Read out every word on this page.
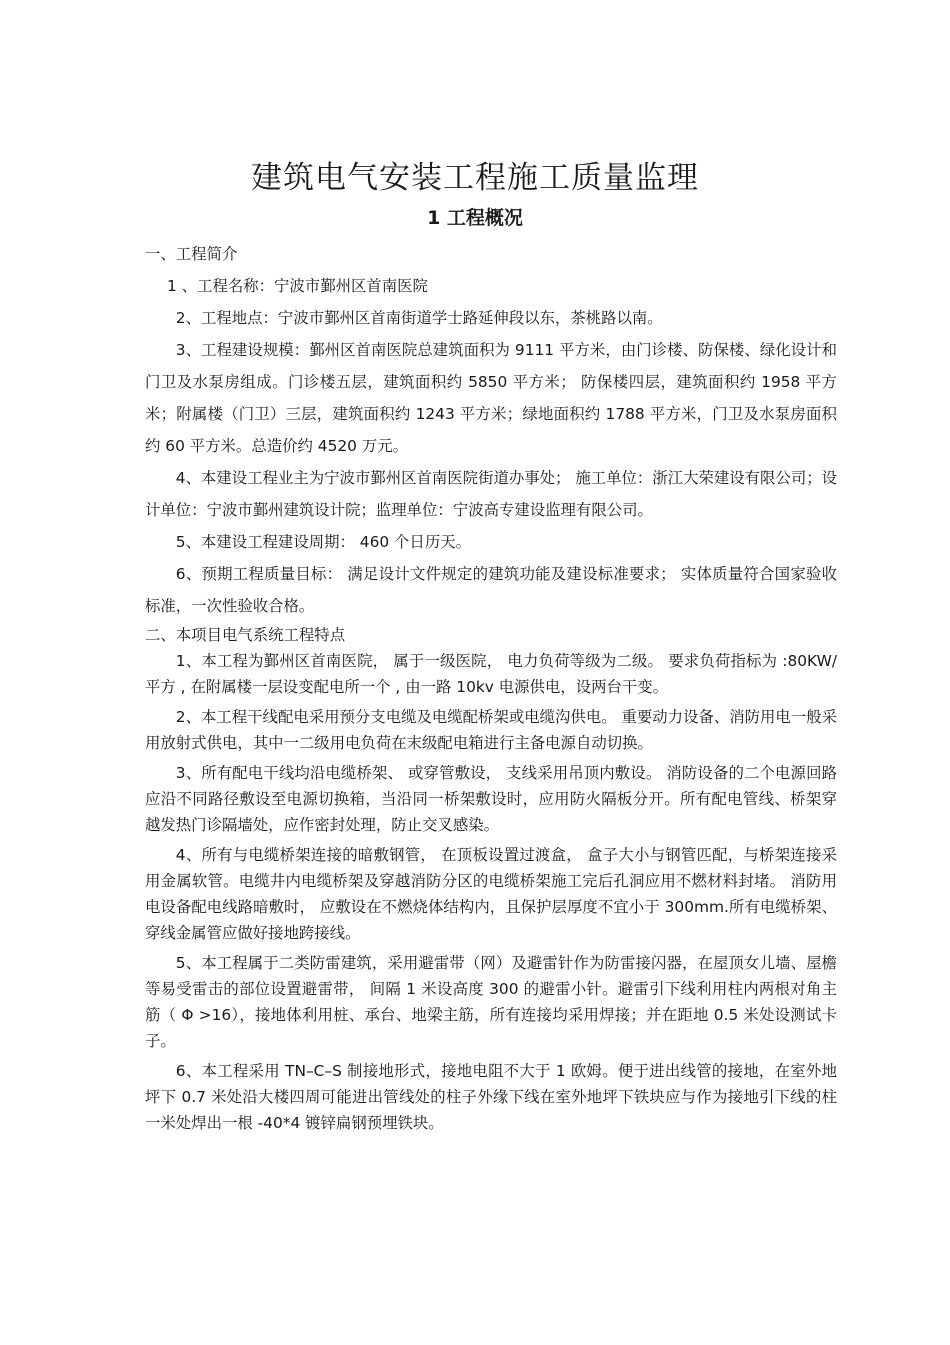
建筑电气安装工程施工质量监理
1 工程概况

一、工程简介

1 、工程名称：宁波市鄞州区首南医院

2、工程地点：宁波市鄞州区首南街道学士路延伸段以东，茶桃路以南。

3、工程建设规模：鄞州区首南医院总建筑面积为 9111 平方米，由门诊楼、防保楼、绿化设计和门卫及水泵房组成。门诊楼五层，建筑面积约 5850 平方米； 防保楼四层，建筑面积约 1958 平方米；附属楼（门卫）三层，建筑面积约 1243 平方米；绿地面积约 1788 平方米，门卫及水泵房面积约 60 平方米。总造价约 4520 万元。

4、本建设工程业主为宁波市鄞州区首南医院街道办事处； 施工单位：浙江大荣建设有限公司；设计单位：宁波市鄞州建筑设计院；监理单位：宁波高专建设监理有限公司。

5、本建设工程建设周期： 460 个日历天。

6、预期工程质量目标： 满足设计文件规定的建筑功能及建设标准要求； 实体质量符合国家验收标准，一次性验收合格。

二、本项目电气系统工程特点

1、本工程为鄞州区首南医院， 属于一级医院， 电力负荷等级为二级。 要求负荷指标为 :80KW/平方 , 在附属楼一层设变配电所一个 , 由一路 10kv 电源供电，设两台干变。

2、本工程干线配电采用预分支电缆及电缆配桥架或电缆沟供电。 重要动力设备、消防用电一般采用放射式供电，其中一二级用电负荷在末级配电箱进行主备电源自动切换。

3、所有配电干线均沿电缆桥架、 或穿管敷设， 支线采用吊顶内敷设。 消防设备的二个电源回路应沿不同路径敷设至电源切换箱，当沿同一桥架敷设时，应用防火隔板分开。所有配电管线、桥架穿越发热门诊隔墙处，应作密封处理，防止交叉感染。

4、所有与电缆桥架连接的暗敷钢管， 在顶板设置过渡盒， 盒子大小与钢管匹配，与桥架连接采用金属软管。电缆井内电缆桥架及穿越消防分区的电缆桥架施工完后孔洞应用不燃材料封堵。 消防用电设备配电线路暗敷时， 应敷设在不燃烧体结构内，且保护层厚度不宜小于 300mm.所有电缆桥架、穿线金属管应做好接地跨接线。

5、本工程属于二类防雷建筑，采用避雷带（网）及避雷针作为防雷接闪器，在屋顶女儿墙、屋檐等易受雷击的部位设置避雷带， 间隔 1 米设高度 300 的避雷小针。避雷引下线利用柱内两根对角主筋（ Φ >16），接地体利用桩、承台、地梁主筋，所有连接均采用焊接；并在距地 0.5 米处设测试卡子。

6、本工程采用 TN–C–S 制接地形式，接地电阻不大于 1 欧姆。便于进出线管的接地，在室外地坪下 0.7 米处沿大楼四周可能进出管线处的柱子外缘下线在室外地坪下铁块应与作为接地引下线的柱一米处焊出一根 -40*4 镀锌扁钢预埋铁块。
